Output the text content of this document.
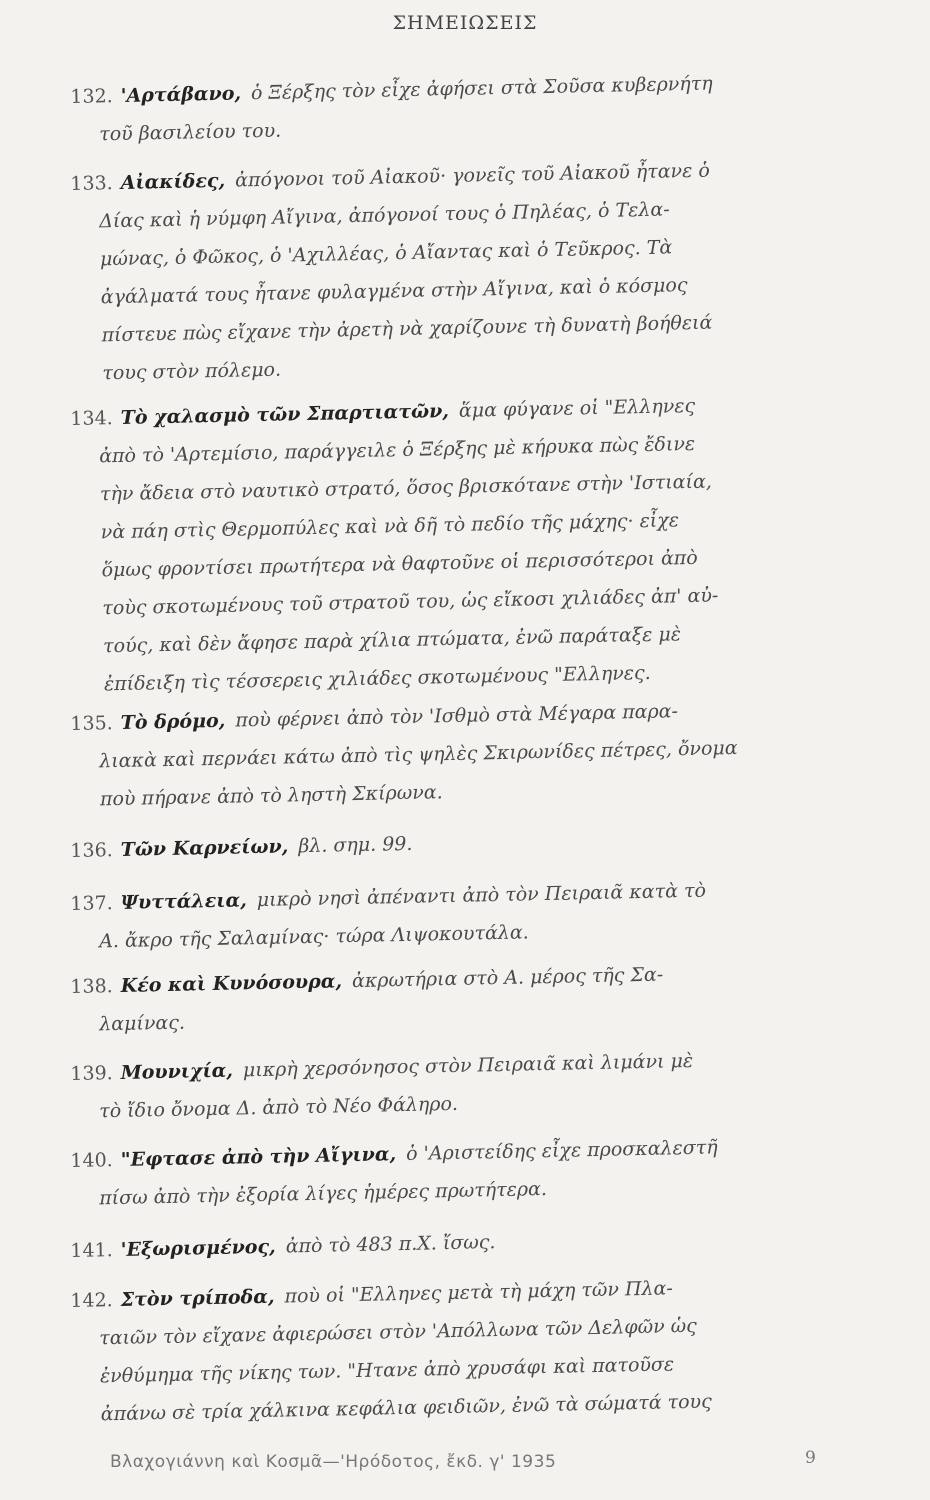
ΣΗΜΕΙΩΣΕΙΣ
132. 'Αρτάβανο, ὁ Ξέρξης τὸν εἶχε ἀφήσει στὰ Σοῦσα κυβερνήτη
τοῦ βασιλείου του.
133. Αἰακίδες, ἀπόγονοι τοῦ Αἰακοῦ· γονεῖς τοῦ Αἰακοῦ ἦτανε ὁ
Δίας καὶ ἡ νύμφη Αἴγινα, ἀπόγονοί τους ὁ Πηλέας, ὁ Τελα-
μώνας, ὁ Φῶκος, ὁ 'Αχιλλέας, ὁ Αἴαντας καὶ ὁ Τεῦκρος. Τὰ
ἀγάλματά τους ἦτανε φυλαγμένα στὴν Αἴγινα, καὶ ὁ κόσμος
πίστευε πὼς εἴχανε τὴν ἀρετὴ νὰ χαρίζουνε τὴ δυνατὴ βοήθειά
τους στὸν πόλεμο.
134. Τὸ χαλασμὸ τῶν Σπαρτιατῶν, ἅμα φύγανε οἱ "Ελληνες
ἀπὸ τὸ 'Αρτεμίσιο, παράγγειλε ὁ Ξέρξης μὲ κήρυκα πὼς ἔδινε
τὴν ἄδεια στὸ ναυτικὸ στρατό, ὅσος βρισκότανε στὴν 'Ιστιαία,
νὰ πάη στὶς Θερμοπύλες καὶ νὰ δῆ τὸ πεδίο τῆς μάχης· εἶχε
ὅμως φροντίσει πρωτήτερα νὰ θαφτοῦνε οἱ περισσότεροι ἀπὸ
τοὺς σκοτωμένους τοῦ στρατοῦ του, ὡς εἴκοσι χιλιάδες ἀπ' αὐ-
τούς, καὶ δὲν ἄφησε παρὰ χίλια πτώματα, ἐνῶ παράταξε μὲ
ἐπίδειξη τὶς τέσσερεις χιλιάδες σκοτωμένους "Ελληνες.
135. Τὸ δρόμο, ποὺ φέρνει ἀπὸ τὸν 'Ισθμὸ στὰ Μέγαρα παρα-
λιακὰ καὶ περνάει κάτω ἀπὸ τὶς ψηλὲς Σκιρωνίδες πέτρες, ὄνομα
ποὺ πήρανε ἀπὸ τὸ ληστὴ Σκίρωνα.
136. Τῶν Καρνείων, βλ. σημ. 99.
137. Ψυττάλεια, μικρὸ νησὶ ἀπέναντι ἀπὸ τὸν Πειραιᾶ κατὰ τὸ
Α. ἄκρο τῆς Σαλαμίνας· τώρα Λιψοκουτάλα.
138. Κέο καὶ Κυνόσουρα, ἀκρωτήρια στὸ Α. μέρος τῆς Σα-
λαμίνας.
139. Μουνιχία, μικρὴ χερσόνησος στὸν Πειραιᾶ καὶ λιμάνι μὲ
τὸ ἴδιο ὄνομα Δ. ἀπὸ τὸ Νέο Φάληρο.
140. "Εφτασε ἀπὸ τὴν Αἴγινα, ὁ 'Αριστείδης εἶχε προσκαλεστῆ
πίσω ἀπὸ τὴν ἐξορία λίγες ἡμέρες πρωτήτερα.
141. 'Εξωρισμένος, ἀπὸ τὸ 483 π.Χ. ἴσως.
142. Στὸν τρίποδα, ποὺ οἱ "Ελληνες μετὰ τὴ μάχη τῶν Πλα-
ταιῶν τὸν εἴχανε ἀφιερώσει στὸν 'Απόλλωνα τῶν Δελφῶν ὡς
ἐνθύμημα τῆς νίκης των. "Ητανε ἀπὸ χρυσάφι καὶ πατοῦσε
ἀπάνω σὲ τρία χάλκινα κεφάλια φειδιῶν, ἐνῶ τὰ σώματά τους
Βλαχογιάννη καὶ Κοσμᾶ—'Ηρόδοτος, ἔκδ. γ' 1935	9
